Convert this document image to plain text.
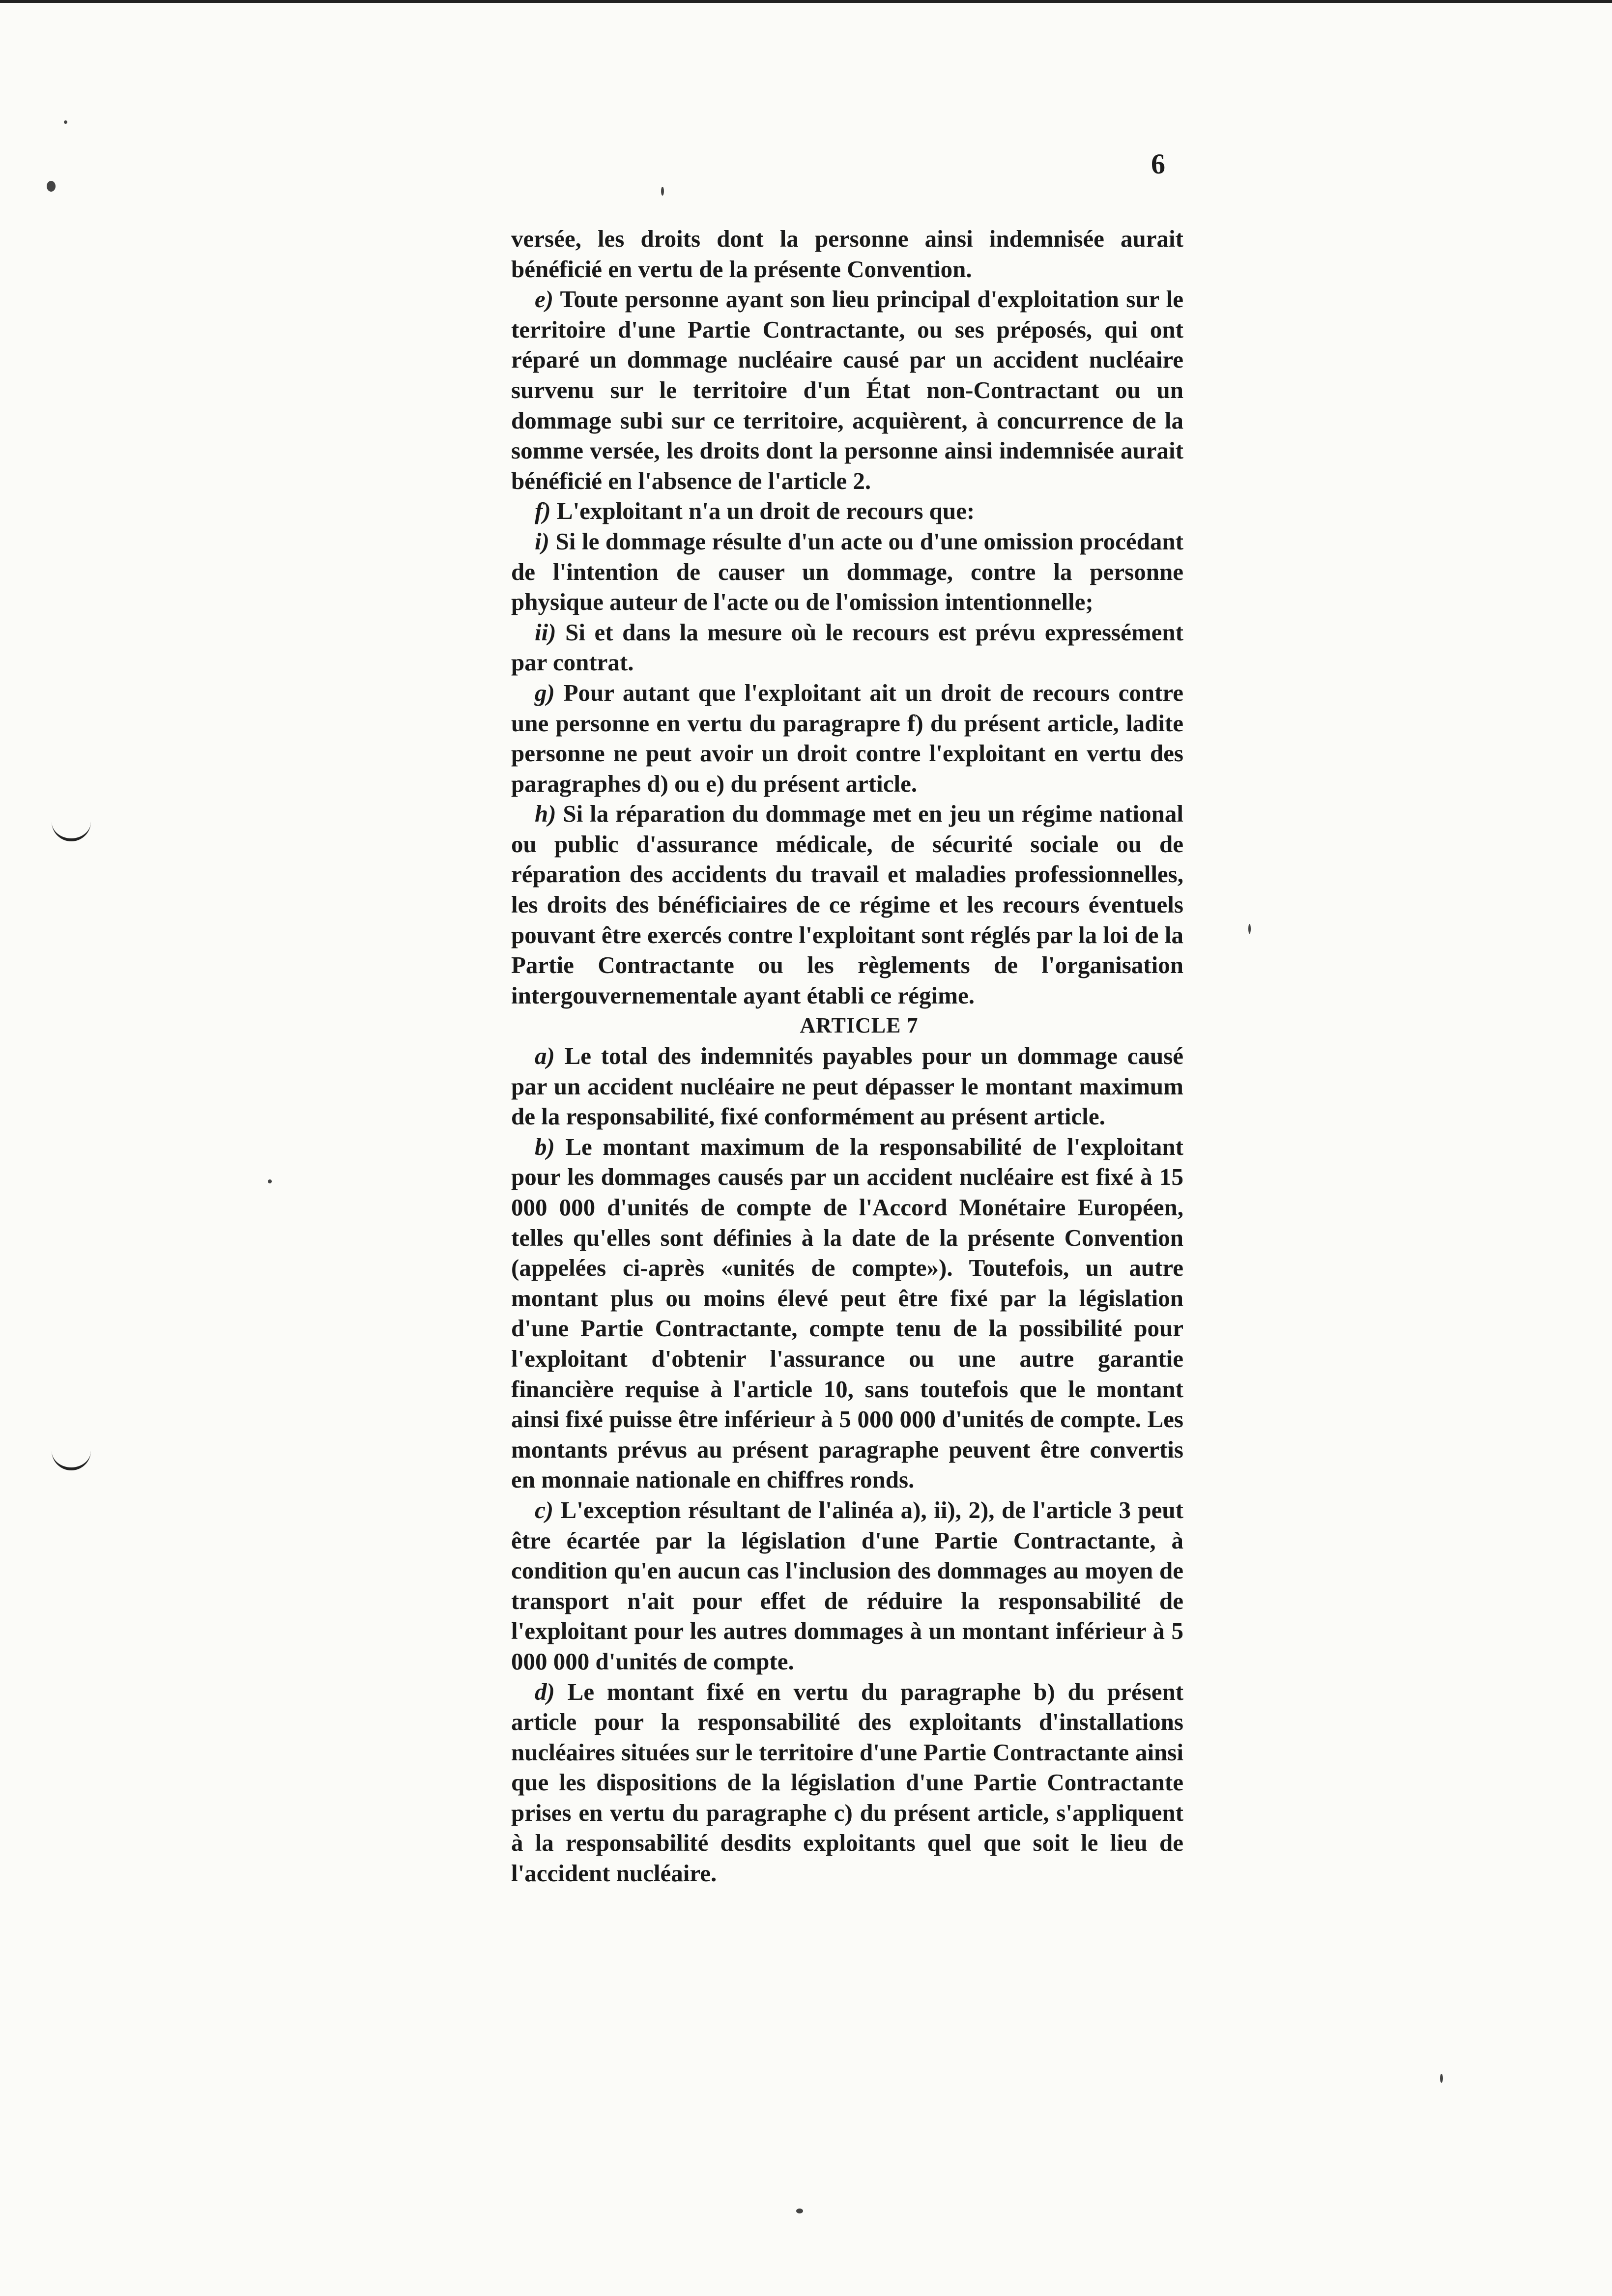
6

versée, les droits dont la personne ainsi indemnisée aurait bénéficié en vertu de la présente Convention.

e) Toute personne ayant son lieu principal d'exploitation sur le territoire d'une Partie Contractante, ou ses préposés, qui ont réparé un dommage nucléaire causé par un accident nucléaire survenu sur le territoire d'un État non-Contractant ou un dommage subi sur ce territoire, acquièrent, à concurrence de la somme versée, les droits dont la personne ainsi indemnisée aurait bénéficié en l'absence de l'article 2.

f) L'exploitant n'a un droit de recours que:

i) Si le dommage résulte d'un acte ou d'une omission procédant de l'intention de causer un dommage, contre la personne physique auteur de l'acte ou de l'omission intentionnelle;

ii) Si et dans la mesure où le recours est prévu expressément par contrat.

g) Pour autant que l'exploitant ait un droit de recours contre une personne en vertu du paragrapre f) du présent article, ladite personne ne peut avoir un droit contre l'exploitant en vertu des paragraphes d) ou e) du présent article.

h) Si la réparation du dommage met en jeu un régime national ou public d'assurance médicale, de sécurité sociale ou de réparation des accidents du travail et maladies professionnelles, les droits des bénéficiaires de ce régime et les recours éventuels pouvant être exercés contre l'exploitant sont réglés par la loi de la Partie Contractante ou les règlements de l'organisation intergouvernementale ayant établi ce régime.

ARTICLE 7

a) Le total des indemnités payables pour un dommage causé par un accident nucléaire ne peut dépasser le montant maximum de la responsabilité, fixé conformément au présent article.

b) Le montant maximum de la responsabilité de l'exploitant pour les dommages causés par un accident nucléaire est fixé à 15 000 000 d'unités de compte de l'Accord Monétaire Européen, telles qu'elles sont définies à la date de la présente Convention (appelées ci-après «unités de compte»). Toutefois, un autre montant plus ou moins élevé peut être fixé par la législation d'une Partie Contractante, compte tenu de la possibilité pour l'exploitant d'obtenir l'assurance ou une autre garantie financière requise à l'article 10, sans toutefois que le montant ainsi fixé puisse être inférieur à 5 000 000 d'unités de compte. Les montants prévus au présent paragraphe peuvent être convertis en monnaie nationale en chiffres ronds.

c) L'exception résultant de l'alinéa a), ii), 2), de l'article 3 peut être écartée par la législation d'une Partie Contractante, à condition qu'en aucun cas l'inclusion des dommages au moyen de transport n'ait pour effet de réduire la responsabilité de l'exploitant pour les autres dommages à un montant inférieur à 5 000 000 d'unités de compte.

d) Le montant fixé en vertu du paragraphe b) du présent article pour la responsabilité des exploitants d'installations nucléaires situées sur le territoire d'une Partie Contractante ainsi que les dispositions de la législation d'une Partie Contractante prises en vertu du paragraphe c) du présent article, s'appliquent à la responsabilité desdits exploitants quel que soit le lieu de l'accident nucléaire.
